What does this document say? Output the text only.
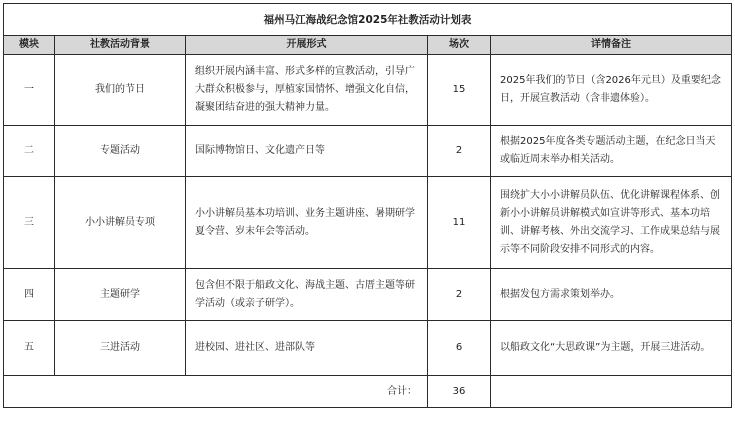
福州马江海战纪念馆2025年社教活动计划表				
模块	社教活动背景	开展形式	场次	详情备注
一	我们的节日	组织开展内涵丰富、形式多样的宣教活动，引导广大群众积极参与，厚植家国情怀、增强文化自信，凝聚团结奋进的强大精神力量。	15	2025年我们的节日（含2026年元旦）及重要纪念日，开展宣教活动（含非遗体验）。
二	专题活动	国际博物馆日、文化遗产日等	2	根据2025年度各类专题活动主题，在纪念日当天或临近周末举办相关活动。
三	小小讲解员专项	小小讲解员基本功培训、业务主题讲座、暑期研学夏令营、岁末年会等活动。	11	围绕扩大小小讲解员队伍、优化讲解课程体系、创新小小讲解员讲解模式如宣讲等形式、基本功培训、讲解考核、外出交流学习、工作成果总结与展示等不同阶段安排不同形式的内容。
四	主题研学	包含但不限于船政文化、海战主题、古厝主题等研学活动（或亲子研学）。	2	根据发包方需求策划举办。
五	三进活动	进校园、进社区、进部队等	6	以船政文化“大思政课”为主题，开展三进活动。
合计：			36	
